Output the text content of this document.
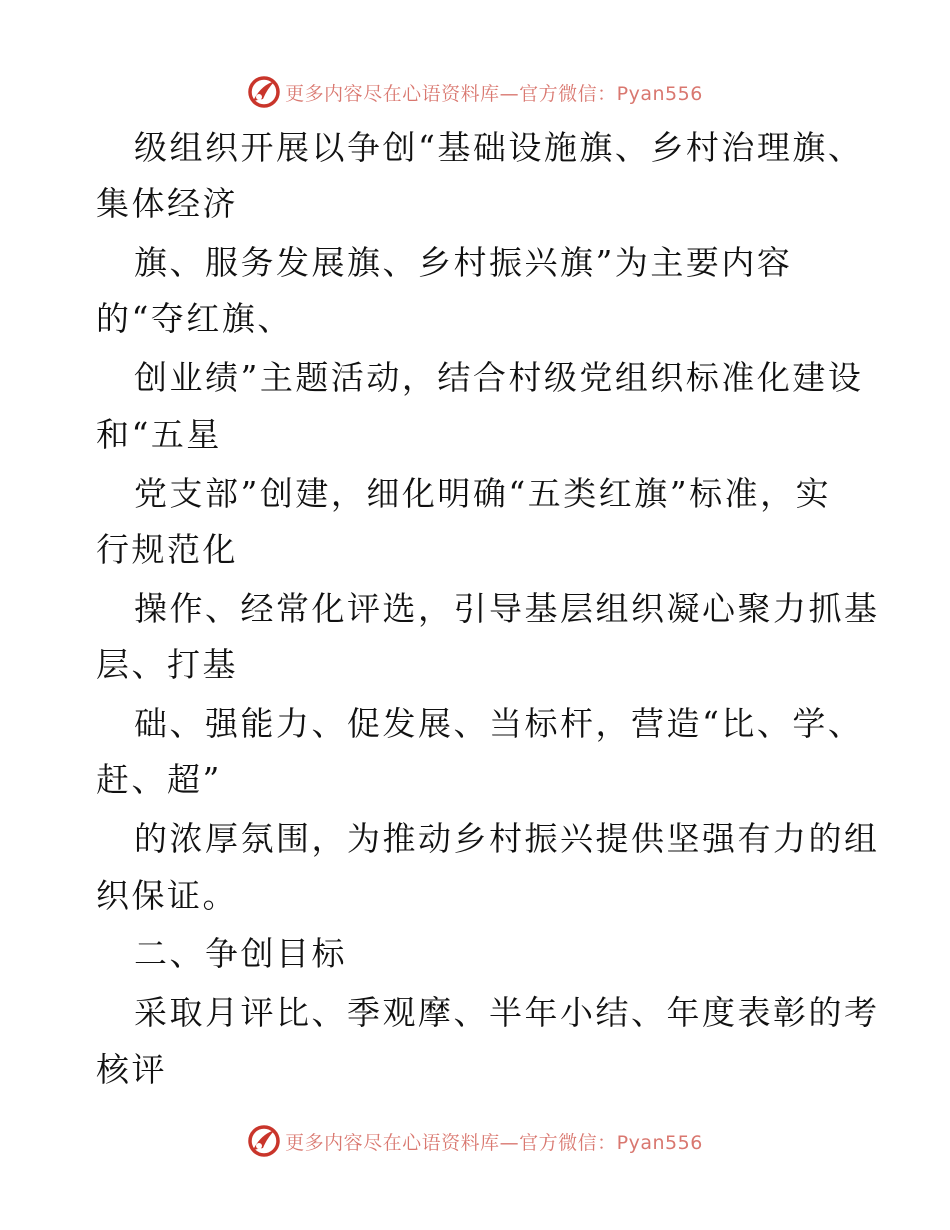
更多内容尽在心语资料库—官方微信：Pyan556
级组织开展以争创“基础设施旗、乡村治理旗、
集体经济
旗、服务发展旗、乡村振兴旗”为主要内容
的“夺红旗、
创业绩”主题活动，结合村级党组织标准化建设
和“五星
党支部”创建，细化明确“五类红旗”标准，实
行规范化
操作、经常化评选，引导基层组织凝心聚力抓基
层、打基
础、强能力、促发展、当标杆，营造“比、学、
赶、超”
的浓厚氛围，为推动乡村振兴提供坚强有力的组
织保证。
二、争创目标
采取月评比、季观摩、半年小结、年度表彰的考
核评
更多内容尽在心语资料库—官方微信：Pyan556
